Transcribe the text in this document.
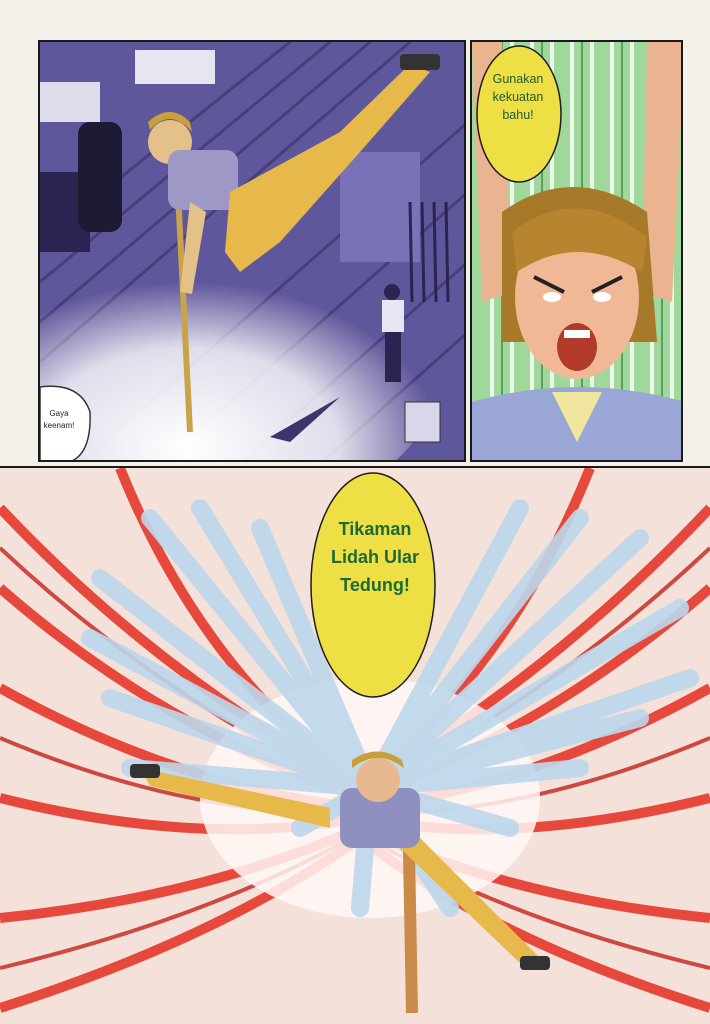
Gaya keenam!
Gunakan kekuatan bahu!
Tikaman Lidah Ular Tedung!
